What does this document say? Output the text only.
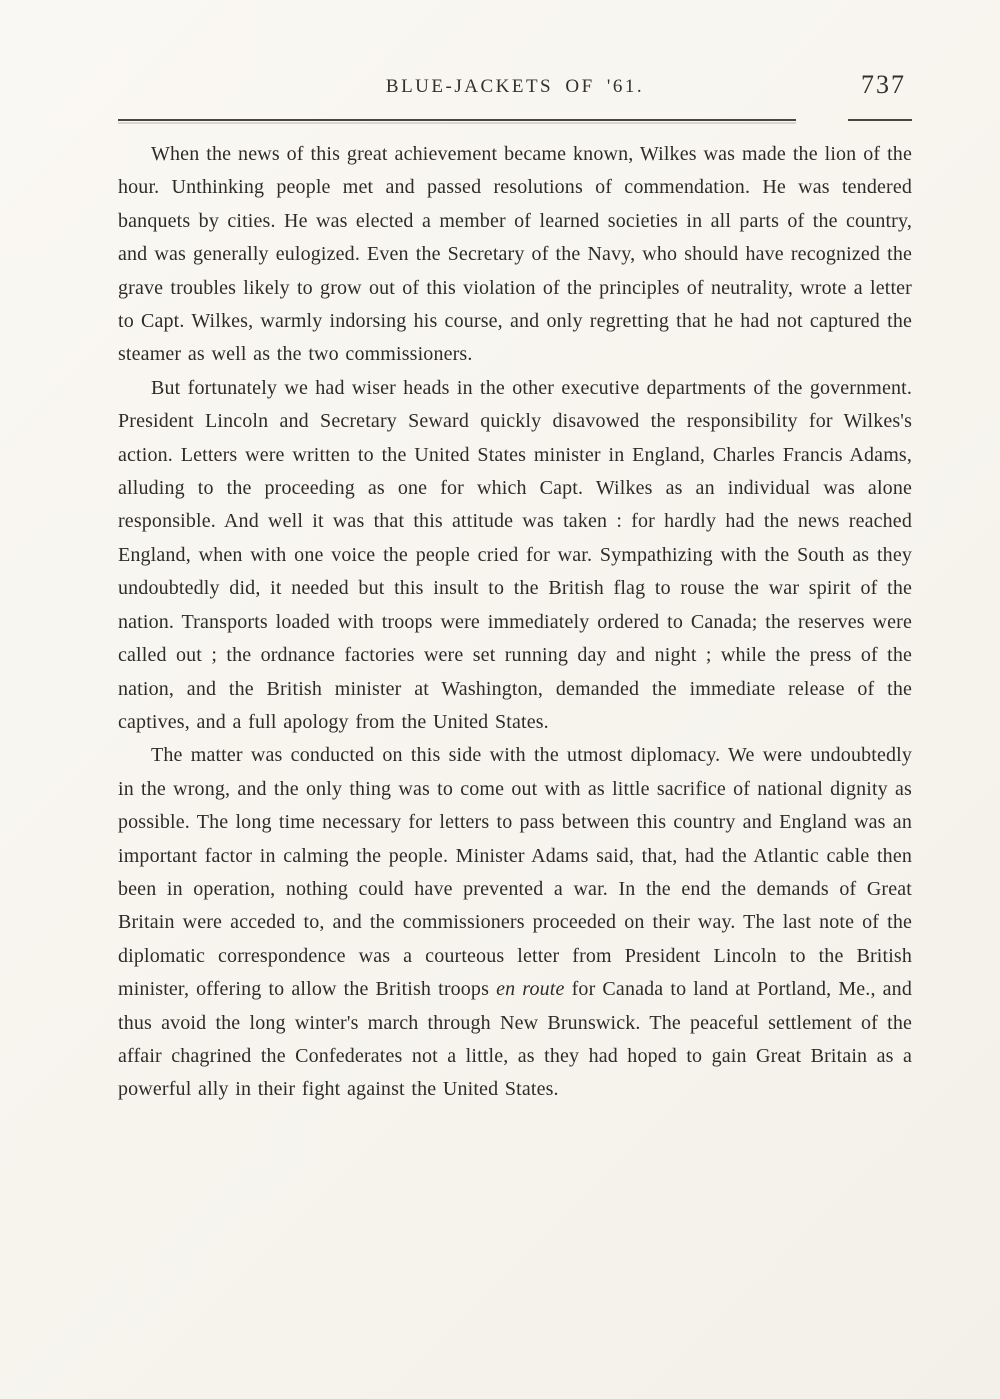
BLUE-JACKETS OF '61.	737

When the news of this great achievement became known, Wilkes was made the lion of the hour. Unthinking people met and passed resolutions of commendation. He was tendered banquets by cities. He was elected a member of learned societies in all parts of the country, and was generally eulogized. Even the Secretary of the Navy, who should have recognized the grave troubles likely to grow out of this violation of the principles of neutrality, wrote a letter to Capt. Wilkes, warmly indorsing his course, and only regretting that he had not captured the steamer as well as the two commissioners.

But fortunately we had wiser heads in the other executive departments of the government. President Lincoln and Secretary Seward quickly disavowed the responsibility for Wilkes's action. Letters were written to the United States minister in England, Charles Francis Adams, alluding to the proceeding as one for which Capt. Wilkes as an individual was alone responsible. And well it was that this attitude was taken : for hardly had the news reached England, when with one voice the people cried for war. Sympathizing with the South as they undoubtedly did, it needed but this insult to the British flag to rouse the war spirit of the nation. Transports loaded with troops were immediately ordered to Canada; the reserves were called out ; the ordnance factories were set running day and night ; while the press of the nation, and the British minister at Washington, demanded the immediate release of the captives, and a full apology from the United States.

The matter was conducted on this side with the utmost diplomacy. We were undoubtedly in the wrong, and the only thing was to come out with as little sacrifice of national dignity as possible. The long time necessary for letters to pass between this country and England was an important factor in calming the people. Minister Adams said, that, had the Atlantic cable then been in operation, nothing could have prevented a war. In the end the demands of Great Britain were acceded to, and the commissioners proceeded on their way. The last note of the diplomatic correspondence was a courteous letter from President Lincoln to the British minister, offering to allow the British troops en route for Canada to land at Portland, Me., and thus avoid the long winter's march through New Brunswick. The peaceful settlement of the affair chagrined the Confederates not a little, as they had hoped to gain Great Britain as a powerful ally in their fight against the United States.
